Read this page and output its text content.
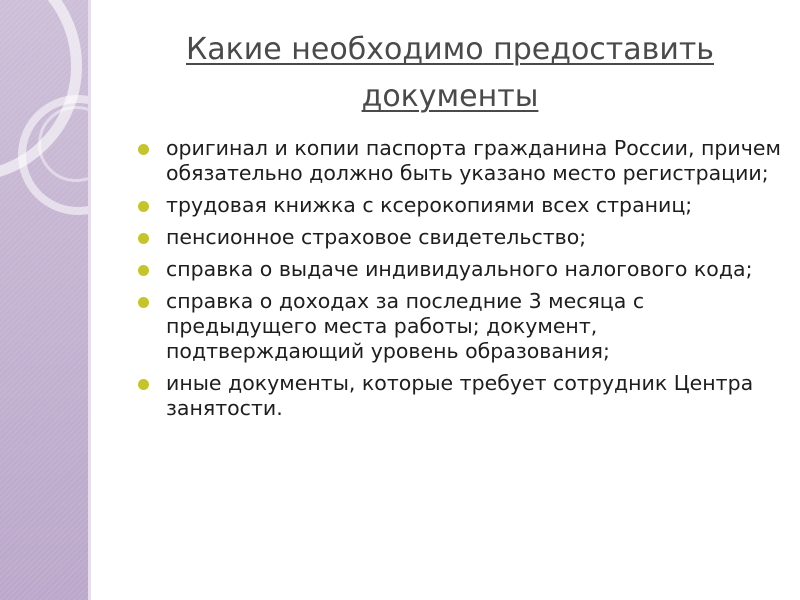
Какие необходимо предоставить документы
оригинал и копии паспорта гражданина России, причем обязательно должно быть указано место регистрации;
трудовая книжка с ксерокопиями всех страниц;
пенсионное страховое свидетельство;
справка о выдаче индивидуального налогового кода;
справка о доходах за последние 3 месяца с предыдущего места работы; документ, подтверждающий уровень образования;
иные документы, которые требует сотрудник Центра занятости.
